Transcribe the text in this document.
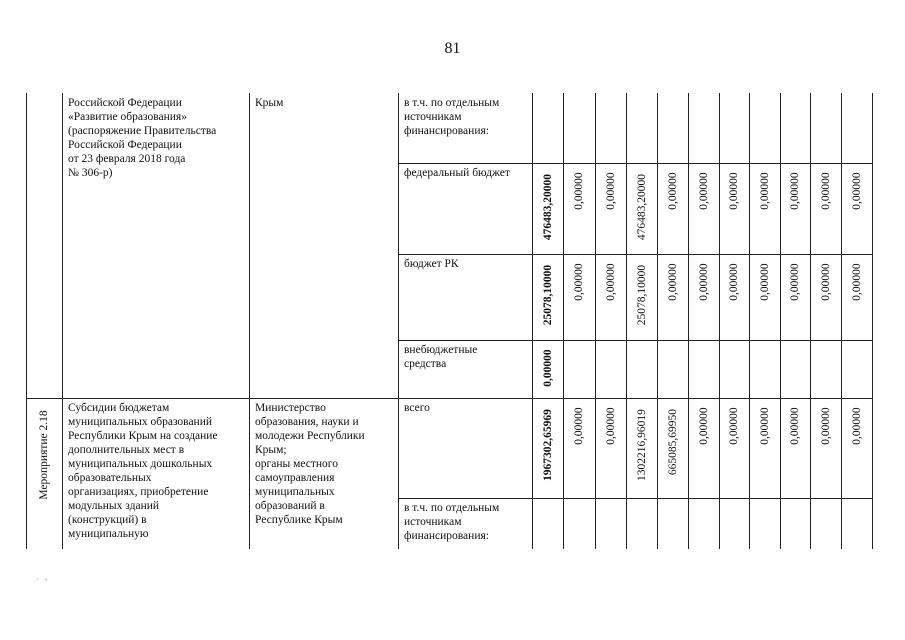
81
Российской Федерации
«Развитие образования»
(распоряжение Правительства
Российской Федерации
от 23 февраля 2018 года
№ 306-р)
Крым	в т.ч. по отдельным
источникам
финансирования:
федеральный бюджет
476483,20000 0,00000 0,00000 476483,20000 0,00000 0,00000 0,00000 0,00000 0,00000 0,00000 0,00000
бюджет РК
25078,10000 0,00000 0,00000 25078,10000 0,00000 0,00000 0,00000 0,00000 0,00000 0,00000 0,00000
внебюджетные
средства	0,00000
Мероприятие 2.18
Субсидии бюджетам
муниципальных образований
Республики Крым на создание
дополнительных мест в
муниципальных дошкольных
образовательных
организациях, приобретение
модульных зданий
(конструкций) в
муниципальную
Министерство
образования, науки и
молодежи Республики
Крым;
органы местного
самоуправления
муниципальных
образований в
Республике Крым
всего
1967302,65969 0,00000 0,00000 1302216,96019 665085,69950 0,00000 0,00000 0,00000 0,00000 0,00000 0,00000
в т.ч. по отдельным
источникам
финансирования:
· -
